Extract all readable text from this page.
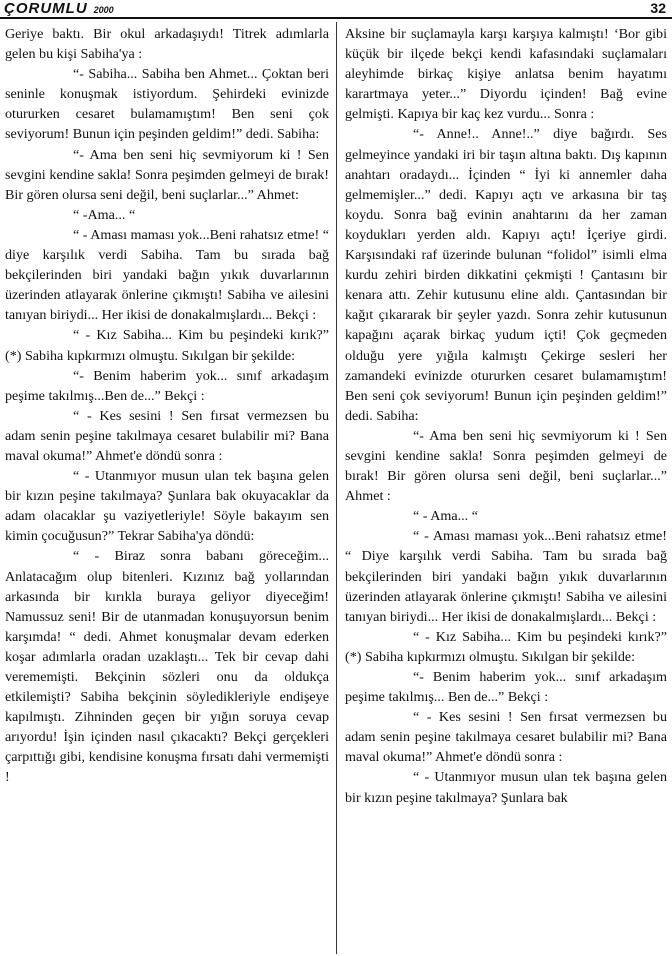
ÇORUMLU 2000	32

Geriye baktı. Bir okul arkadaşıydı! Titrek adımlarla gelen bu kişi Sabiha'ya :

“- Sabiha... Sabiha ben Ahmet... Çoktan beri seninle konuşmak istiyordum. Şehirdeki evinizde otururken cesaret bulamamıştım! Ben seni çok seviyorum! Bunun için peşinden geldim!” dedi. Sabiha:

“- Ama ben seni hiç sevmiyorum ki ! Sen sevgini kendine sakla! Sonra peşimden gelmeyi de bırak! Bir gören olursa seni değil, beni suçlarlar...” Ahmet:

“ -Ama... “

“ - Aması maması yok...Beni rahatsız etme! “ diye karşılık verdi Sabiha. Tam bu sırada bağ bekçilerinden biri yandaki bağın yıkık duvarlarının üzerinden atlayarak önlerine çıkmıştı! Sabiha ve ailesini tanıyan biriydi... Her ikisi de donakalmışlardı... Bekçi :

“ - Kız Sabiha... Kim bu peşindeki kırık?” (*) Sabiha kıpkırmızı olmuştu. Sıkılgan bir şekilde:

“- Benim haberim yok... sınıf arkadaşım peşime takılmış...Ben de...” Bekçi :

“ - Kes sesini ! Sen fırsat vermezsen bu adam senin peşine takılmaya cesaret bulabilir mi? Bana maval okuma!” Ahmet'e döndü sonra :

“ - Utanmıyor musun ulan tek başına gelen bir kızın peşine takılmaya? Şunlara bak okuyacaklar da adam olacaklar şu vaziyetleriyle! Söyle bakayım sen kimin çocuğusun?” Tekrar Sabiha'ya döndü:

“ - Biraz sonra babanı göreceğim... Anlatacağım olup bitenleri. Kızınız bağ yollarından arkasında bir kırıkla buraya geliyor diyeceğim! Namussuz seni! Bir de utanmadan konuşuyorsun benim karşımda! “ dedi. Ahmet konuşmalar devam ederken koşar adımlarla oradan uzaklaştı... Tek bir cevap dahi verememişti. Bekçinin sözleri onu da oldukça etkilemişti? Sabiha bekçinin söyledikleriyle endişeye kapılmıştı. Zihninden geçen bir yığın soruya cevap arıyordu! İşin içinden nasıl çıkacaktı? Bekçi gerçekleri çarpıttığı gibi, kendisine konuşma fırsatı dahi vermemişti !

Aksine bir suçlamayla karşı karşıya kalmıştı! ‘Bor gibi küçük bir ilçede bekçi kendi kafasındaki suçlamaları aleyhimde birkaç kişiye anlatsa benim hayatımı karartmaya yeter...” Diyordu içinden! Bağ evine gelmişti. Kapıya bir kaç kez vurdu... Sonra :

“- Anne!.. Anne!..” diye bağırdı. Ses gelmeyince yandaki iri bir taşın altına baktı. Dış kapının anahtarı oradaydı... İçinden “ İyi ki annemler daha gelmemişler...” dedi. Kapıyı açtı ve arkasına bir taş koydu. Sonra bağ evinin anahtarını da her zaman koydukları yerden aldı. Kapıyı açtı! İçeriye girdi. Karşısındaki raf üzerinde bulunan “folidol” isimli elma kurdu zehiri birden dikkatini çekmişti ! Çantasını bir kenara attı. Zehir kutusunu eline aldı. Çantasından bir kağıt çıkararak bir şeyler yazdı. Sonra zehir kutusunun kapağını açarak birkaç yudum içti! Çok geçmeden olduğu yere yığıla kalmıştı Çekirge sesleri her zamandeki evinizde otururken cesaret bulamamıştım! Ben seni çok seviyorum! Bunun için peşinden geldim!” dedi. Sabiha:

“- Ama ben seni hiç sevmiyorum ki ! Sen sevgini kendine sakla! Sonra peşimden gelmeyi de bırak! Bir gören olursa seni değil, beni suçlarlar...” Ahmet :

“ - Ama... “

“ - Aması maması yok...Beni rahatsız etme! “ Diye karşılık verdi Sabiha. Tam bu sırada bağ bekçilerinden biri yandaki bağın yıkık duvarlarının üzerinden atlayarak önlerine çıkmıştı! Sabiha ve ailesini tanıyan biriydi... Her ikisi de donakalmışlardı... Bekçi :

“ - Kız Sabiha... Kim bu peşindeki kırık?” (*) Sabiha kıpkırmızı olmuştu. Sıkılgan bir şekilde:

“- Benim haberim yok... sınıf arkadaşım peşime takılmış... Ben de...” Bekçi :

“ - Kes sesini ! Sen fırsat vermezsen bu adam senin peşine takılmaya cesaret bulabilir mi? Bana maval okuma!” Ahmet'e döndü sonra :

“ - Utanmıyor musun ulan tek başına gelen bir kızın peşine takılmaya? Şunlara bak
